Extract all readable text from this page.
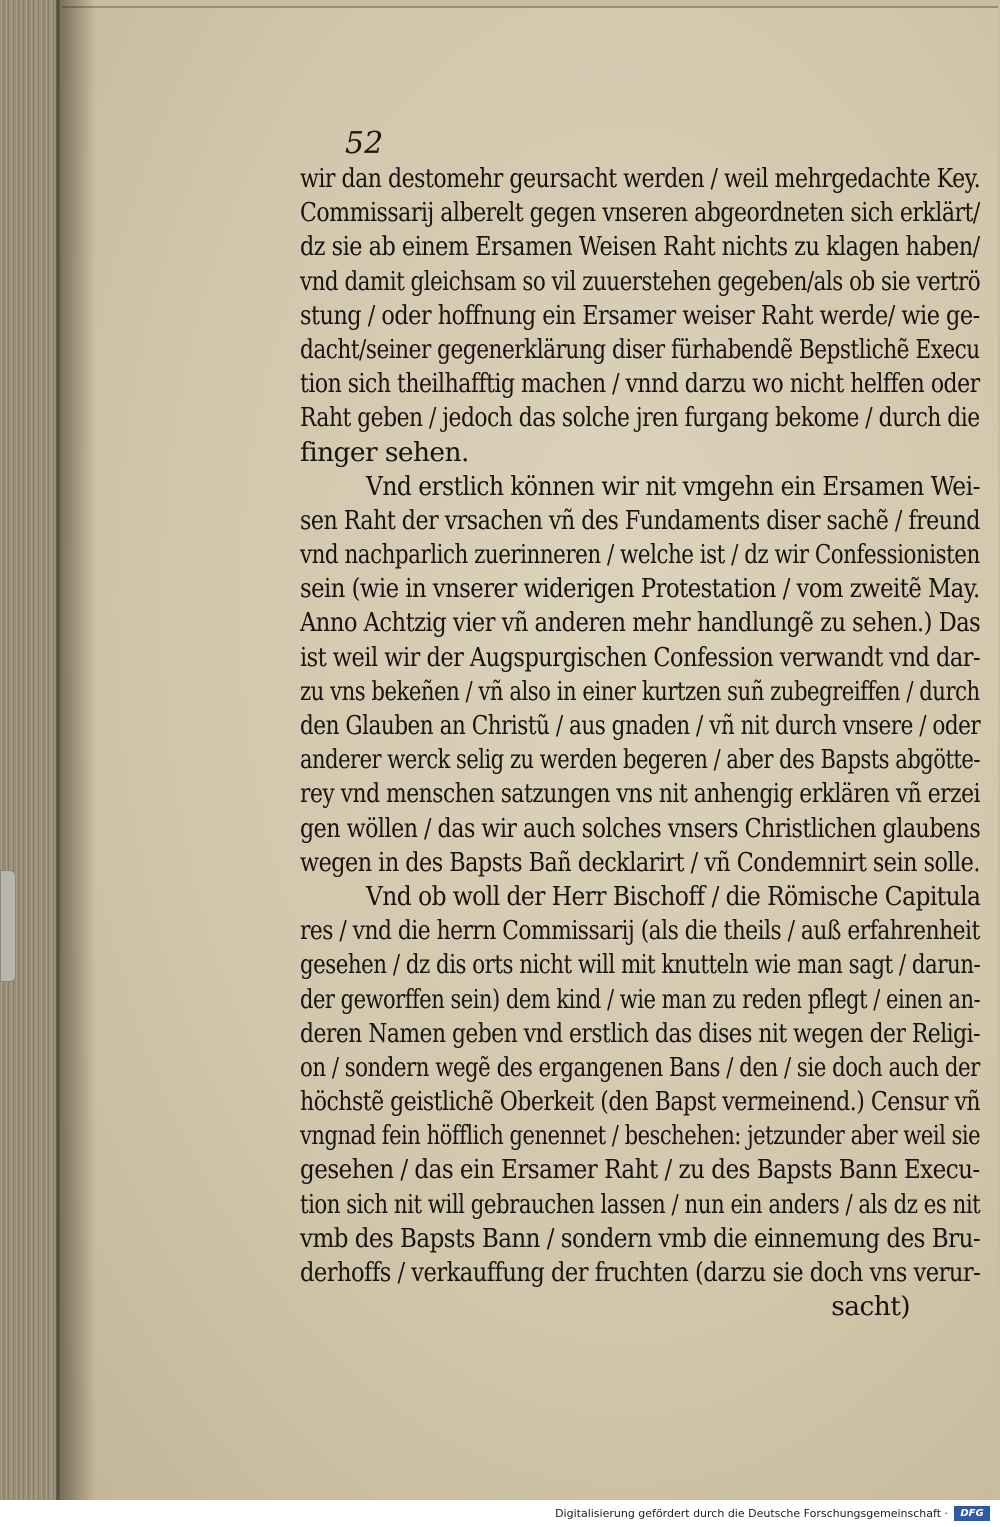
52
wir dan destomehr geursacht werden / weil mehrgedachte Key.
Commissarij alberelt gegen vnseren abgeordneten sich erklärt/
dz sie ab einem Ersamen Weisen Raht nichts zu klagen haben/
vnd damit gleichsam so vil zuuerstehen gegeben/als ob sie vertrö
stung / oder hoffnung ein Ersamer weiser Raht werde/ wie ge-
dacht/seiner gegenerklärung diser fürhabendẽ Bepstlichẽ Execu
tion sich theilhafftig machen / vnnd darzu wo nicht helffen oder
Raht geben / jedoch das solche jren furgang bekome / durch die
finger sehen.
Vnd erstlich können wir nit vmgehn ein Ersamen Wei-
sen Raht der vrsachen vñ des Fundaments diser sachẽ / freund
vnd nachparlich zuerinneren / welche ist / dz wir Confessionisten
sein (wie in vnserer widerigen Protestation / vom zweitẽ May.
Anno Achtzig vier vñ anderen mehr handlungẽ zu sehen.) Das
ist weil wir der Augspurgischen Confession verwandt vnd dar-
zu vns bekeñen / vñ also in einer kurtzen suñ zubegreiffen / durch
den Glauben an Christũ / aus gnaden / vñ nit durch vnsere / oder
anderer werck selig zu werden begeren / aber des Bapsts abgötte-
rey vnd menschen satzungen vns nit anhengig erklären vñ erzei
gen wöllen / das wir auch solches vnsers Christlichen glaubens
wegen in des Bapsts Bañ decklarirt / vñ Condemnirt sein solle.
Vnd ob woll der Herr Bischoff / die Römische Capitula
res / vnd die herrn Commissarij (als die theils / auß erfahrenheit
gesehen / dz dis orts nicht will mit knutteln wie man sagt / darun-
der geworffen sein) dem kind / wie man zu reden pflegt / einen an-
deren Namen geben vnd erstlich das dises nit wegen der Religi-
on / sondern wegẽ des ergangenen Bans / den / sie doch auch der
höchstẽ geistlichẽ Oberkeit (den Bapst vermeinend.) Censur vñ
vngnad fein höfflich genennet / beschehen: jetzunder aber weil sie
gesehen / das ein Ersamer Raht / zu des Bapsts Bann Execu-
tion sich nit will gebrauchen lassen / nun ein anders / als dz es nit
vmb des Bapsts Bann / sondern vmb die einnemung des Bru-
derhoffs / verkauffung der fruchten (darzu sie doch vns verur-
sacht)
Digitalisierung gefördert durch die Deutsche Forschungsgemeinschaft ·	DFG
